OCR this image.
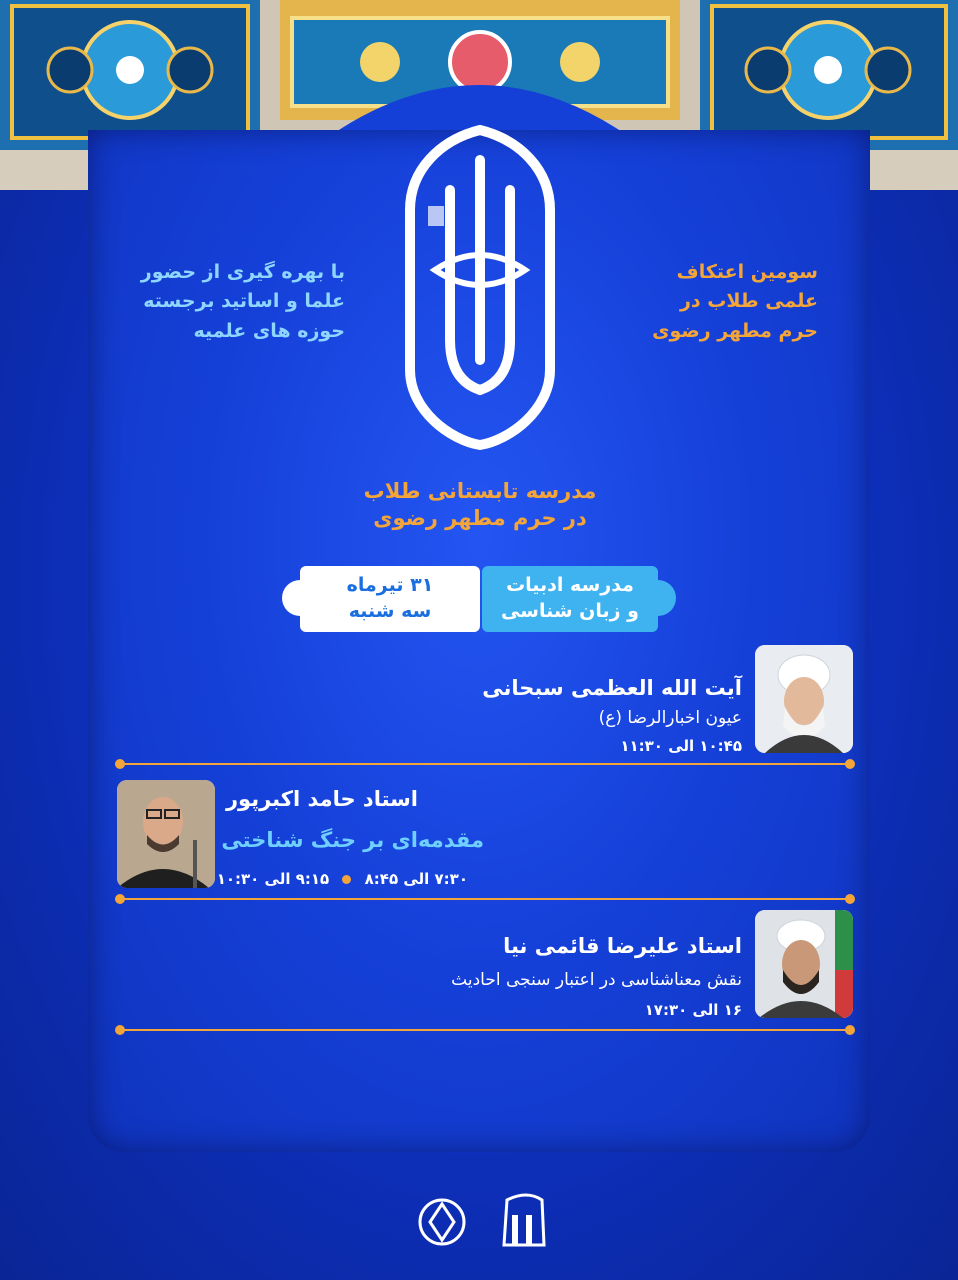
سومین اعتکاف
علمی طلاب در
حرم مطهر رضوی
با بهره گیری از حضور
علما و اساتید برجسته
حوزه های علمیه
مدرسه تابستانی طلاب
در حرم مطهر رضوی
۳۱ تیرماه
سه شنبه
مدرسه ادبیات
و زبان شناسی
آیت الله العظمی سبحانی
عیون اخبارالرضا (ع)
۱۰:۴۵ الی ۱۱:۳۰
استاد حامد اکبرپور
مقدمه‌ای بر جنگ شناختی
۷:۳۰ الی ۸:۴۵  ۹:۱۵ الی ۱۰:۳۰
استاد علیرضا قائمی نیا
نقش معناشناسی در اعتبار سنجی احادیث
۱۶ الی ۱۷:۳۰
